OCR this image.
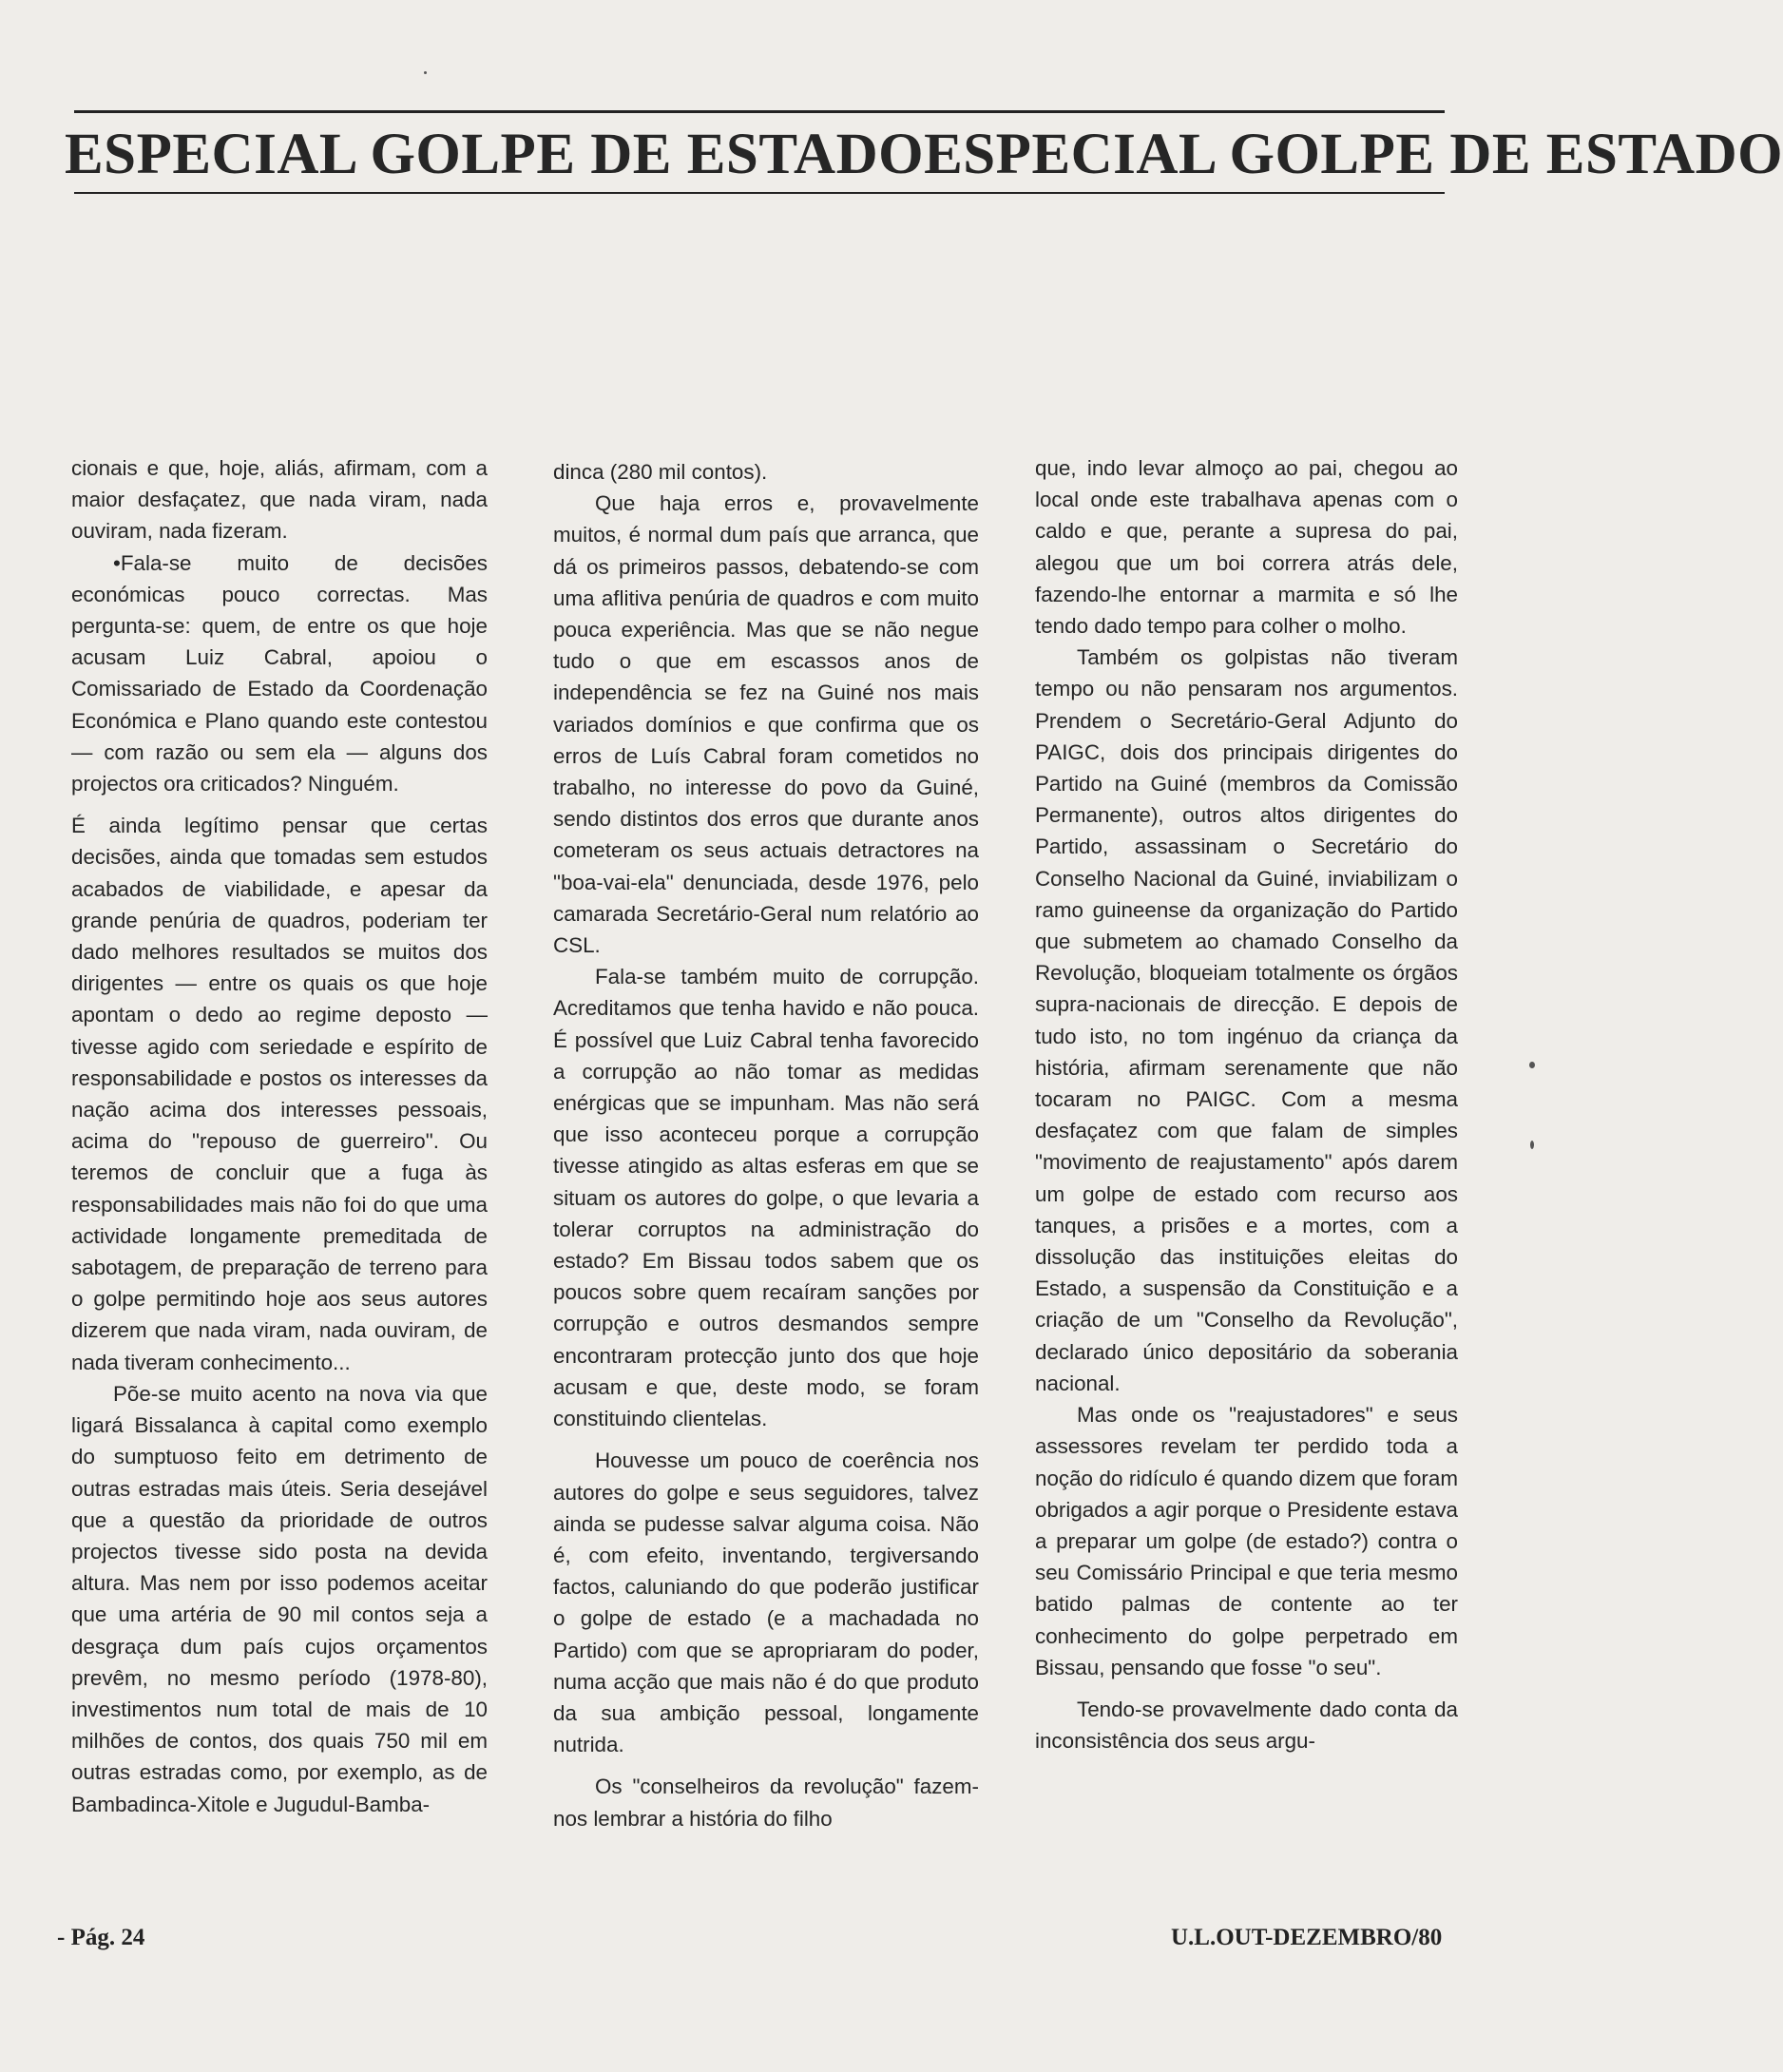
ESPECIAL GOLPE DE ESTADOESPECIAL GOLPE DE ESTADO

cionais e que, hoje, aliás, afirmam, com a maior desfaçatez, que nada viram, nada ouviram, nada fizeram.

•Fala-se muito de decisões económicas pouco correctas. Mas pergunta-se: quem, de entre os que hoje acusam Luiz Cabral, apoiou o Comissariado de Estado da Coordenação Económica e Plano quando este contestou — com razão ou sem ela — alguns dos projectos ora criticados? Ninguém.

É ainda legítimo pensar que certas decisões, ainda que tomadas sem estudos acabados de viabilidade, e apesar da grande penúria de quadros, poderiam ter dado melhores resultados se muitos dos dirigentes — entre os quais os que hoje apontam o dedo ao regime deposto — tivesse agido com seriedade e espírito de responsabilidade e postos os interesses da nação acima dos interesses pessoais, acima do "repouso de guerreiro". Ou teremos de concluir que a fuga às responsabilidades mais não foi do que uma actividade longamente premeditada de sabotagem, de preparação de terreno para o golpe permitindo hoje aos seus autores dizerem que nada viram, nada ouviram, de nada tiveram conhecimento...

Põe-se muito acento na nova via que ligará Bissalanca à capital como exemplo do sumptuoso feito em detrimento de outras estradas mais úteis. Seria desejável que a questão da prioridade de outros projectos tivesse sido posta na devida altura. Mas nem por isso podemos aceitar que uma artéria de 90 mil contos seja a desgraça dum país cujos orçamentos prevêm, no mesmo período (1978-80), investimentos num total de mais de 10 milhões de contos, dos quais 750 mil em outras estradas como, por exemplo, as de Bambadinca-Xitole e Jugudul-Bamba-

dinca (280 mil contos).

Que haja erros e, provavelmente muitos, é normal dum país que arranca, que dá os primeiros passos, debatendo-se com uma aflitiva penúria de quadros e com muito pouca experiência. Mas que se não negue tudo o que em escassos anos de independência se fez na Guiné nos mais variados domínios e que confirma que os erros de Luís Cabral foram cometidos no trabalho, no interesse do povo da Guiné, sendo distintos dos erros que durante anos cometeram os seus actuais detractores na "boa-vai-ela" denunciada, desde 1976, pelo camarada Secretário-Geral num relatório ao CSL.

Fala-se também muito de corrupção. Acreditamos que tenha havido e não pouca. É possível que Luiz Cabral tenha favorecido a corrupção ao não tomar as medidas enérgicas que se impunham. Mas não será que isso aconteceu porque a corrupção tivesse atingido as altas esferas em que se situam os autores do golpe, o que levaria a tolerar corruptos na administração do estado? Em Bissau todos sabem que os poucos sobre quem recaíram sanções por corrupção e outros desmandos sempre encontraram protecção junto dos que hoje acusam e que, deste modo, se foram constituindo clientelas.

Houvesse um pouco de coerência nos autores do golpe e seus seguidores, talvez ainda se pudesse salvar alguma coisa. Não é, com efeito, inventando, tergiversando factos, caluniando do que poderão justificar o golpe de estado (e a machadada no Partido) com que se apropriaram do poder, numa acção que mais não é do que produto da sua ambição pessoal, longamente nutrida.

Os "conselheiros da revolução" fazem-nos lembrar a história do filho

que, indo levar almoço ao pai, chegou ao local onde este trabalhava apenas com o caldo e que, perante a supresa do pai, alegou que um boi correra atrás dele, fazendo-lhe entornar a marmita e só lhe tendo dado tempo para colher o molho.

Também os golpistas não tiveram tempo ou não pensaram nos argumentos. Prendem o Secretário-Geral Adjunto do PAIGC, dois dos principais dirigentes do Partido na Guiné (membros da Comissão Permanente), outros altos dirigentes do Partido, assassinam o Secretário do Conselho Nacional da Guiné, inviabilizam o ramo guineense da organização do Partido que submetem ao chamado Conselho da Revolução, bloqueiam totalmente os órgãos supra-nacionais de direcção. E depois de tudo isto, no tom ingénuo da criança da história, afirmam serenamente que não tocaram no PAIGC. Com a mesma desfaçatez com que falam de simples "movimento de reajustamento" após darem um golpe de estado com recurso aos tanques, a prisões e a mortes, com a dissolução das instituições eleitas do Estado, a suspensão da Constituição e a criação de um "Conselho da Revolução", declarado único depositário da soberania nacional.

Mas onde os "reajustadores" e seus assessores revelam ter perdido toda a noção do ridículo é quando dizem que foram obrigados a agir porque o Presidente estava a preparar um golpe (de estado?) contra o seu Comissário Principal e que teria mesmo batido palmas de contente ao ter conhecimento do golpe perpetrado em Bissau, pensando que fosse "o seu".

Tendo-se provavelmente dado conta da inconsistência dos seus argu-

- Pág. 24	U.L.OUT-DEZEMBRO/80
